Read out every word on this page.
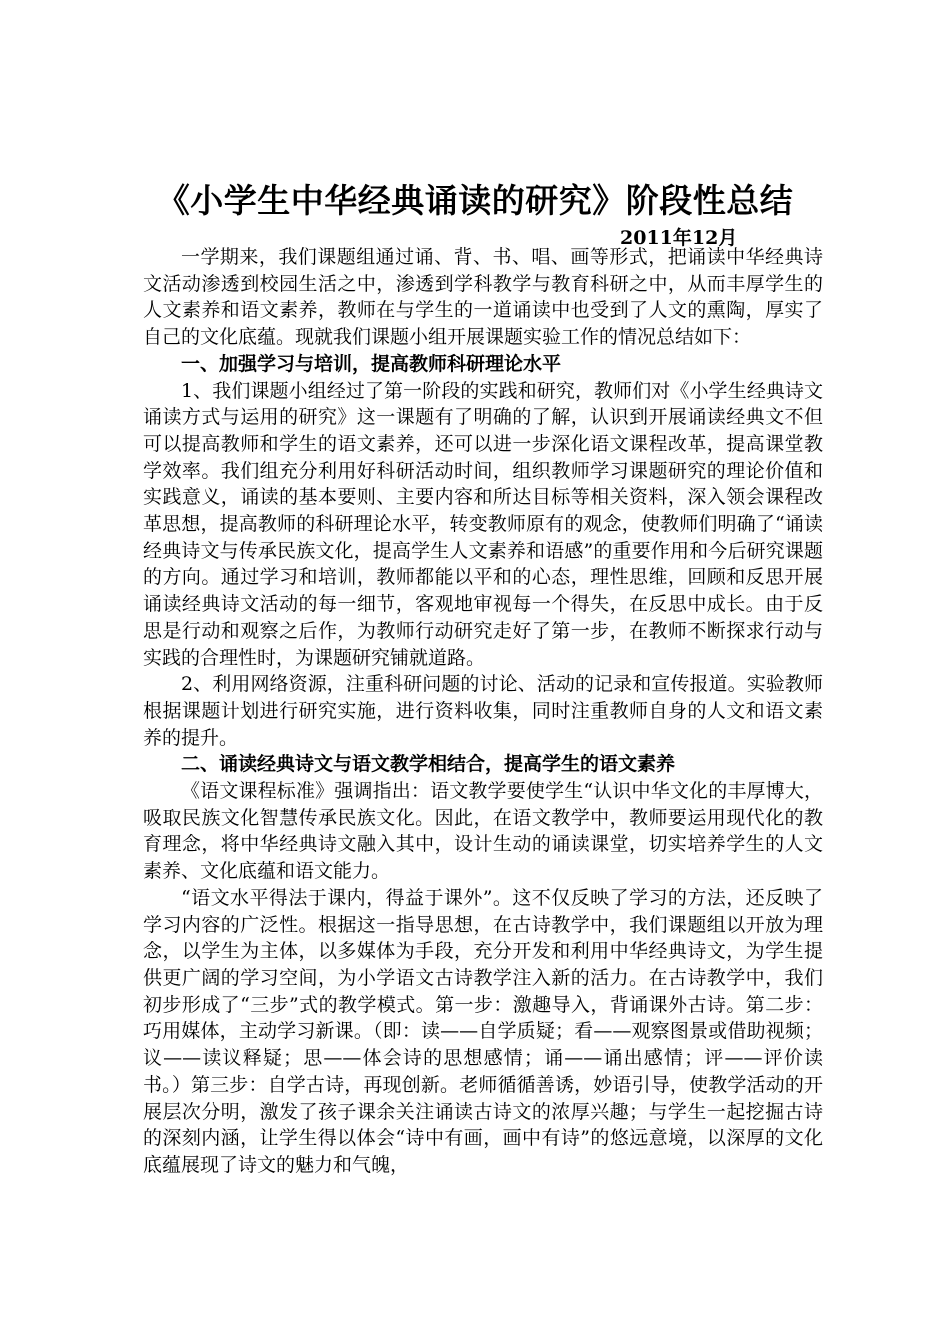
《小学生中华经典诵读的研究》阶段性总结
2011年12月

一学期来，我们课题组通过诵、背、书、唱、画等形式，把诵读中华经典诗文活动渗透到校园生活之中，渗透到学科教学与教育科研之中，从而丰厚学生的人文素养和语文素养，教师在与学生的一道诵读中也受到了人文的熏陶，厚实了自己的文化底蕴。现就我们课题小组开展课题实验工作的情况总结如下：

一、加强学习与培训，提高教师科研理论水平

1、我们课题小组经过了第一阶段的实践和研究，教师们对《小学生经典诗文诵读方式与运用的研究》这一课题有了明确的了解，认识到开展诵读经典文不但可以提高教师和学生的语文素养，还可以进一步深化语文课程改革，提高课堂教学效率。我们组充分利用好科研活动时间，组织教师学习课题研究的理论价值和实践意义，诵读的基本要则、主要内容和所达目标等相关资料，深入领会课程改革思想，提高教师的科研理论水平，转变教师原有的观念，使教师们明确了“诵读经典诗文与传承民族文化，提高学生人文素养和语感”的重要作用和今后研究课题的方向。通过学习和培训，教师都能以平和的心态，理性思维，回顾和反思开展诵读经典诗文活动的每一细节，客观地审视每一个得失，在反思中成长。由于反思是行动和观察之后作，为教师行动研究走好了第一步，在教师不断探求行动与实践的合理性时，为课题研究铺就道路。

2、利用网络资源，注重科研问题的讨论、活动的记录和宣传报道。实验教师根据课题计划进行研究实施，进行资料收集，同时注重教师自身的人文和语文素养的提升。

二、诵读经典诗文与语文教学相结合，提高学生的语文素养

《语文课程标准》强调指出：语文教学要使学生“认识中华文化的丰厚博大，吸取民族文化智慧传承民族文化。因此，在语文教学中，教师要运用现代化的教育理念，将中华经典诗文融入其中，设计生动的诵读课堂，切实培养学生的人文素养、文化底蕴和语文能力。

“语文水平得法于课内，得益于课外”。这不仅反映了学习的方法，还反映了学习内容的广泛性。根据这一指导思想，在古诗教学中，我们课题组以开放为理念，以学生为主体，以多媒体为手段，充分开发和利用中华经典诗文，为学生提供更广阔的学习空间，为小学语文古诗教学注入新的活力。在古诗教学中，我们初步形成了“三步”式的教学模式。第一步：激趣导入，背诵课外古诗。第二步：巧用媒体，主动学习新课。（即：读——自学质疑；看——观察图景或借助视频；议——读议释疑；思——体会诗的思想感情；诵——诵出感情；评——评价读书。）第三步：自学古诗，再现创新。老师循循善诱，妙语引导，使教学活动的开展层次分明，激发了孩子课余关注诵读古诗文的浓厚兴趣；与学生一起挖掘古诗的深刻内涵，让学生得以体会“诗中有画，画中有诗”的悠远意境，以深厚的文化底蕴展现了诗文的魅力和气魄，
